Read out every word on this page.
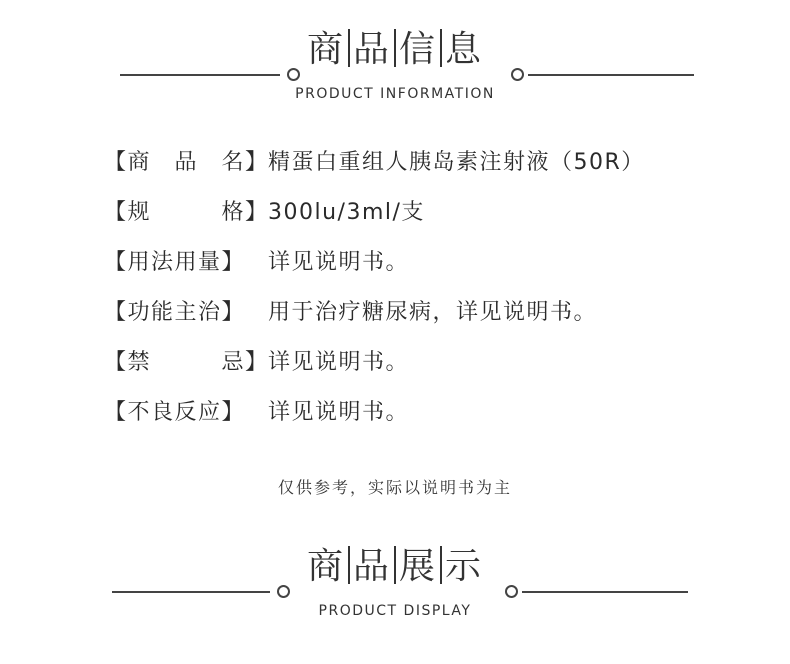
商 品 信 息
PRODUCT INFORMATION
【商　品　名】精蛋白重组人胰岛素注射液（50R）
【规　　　格】300lu/3ml/支
【用法用量】 详见说明书。
【功能主治】 用于治疗糖尿病，详见说明书。
【禁　　　忌】详见说明书。
【不良反应】 详见说明书。
仅供参考，实际以说明书为主
商 品 展 示
PRODUCT DISPLAY
